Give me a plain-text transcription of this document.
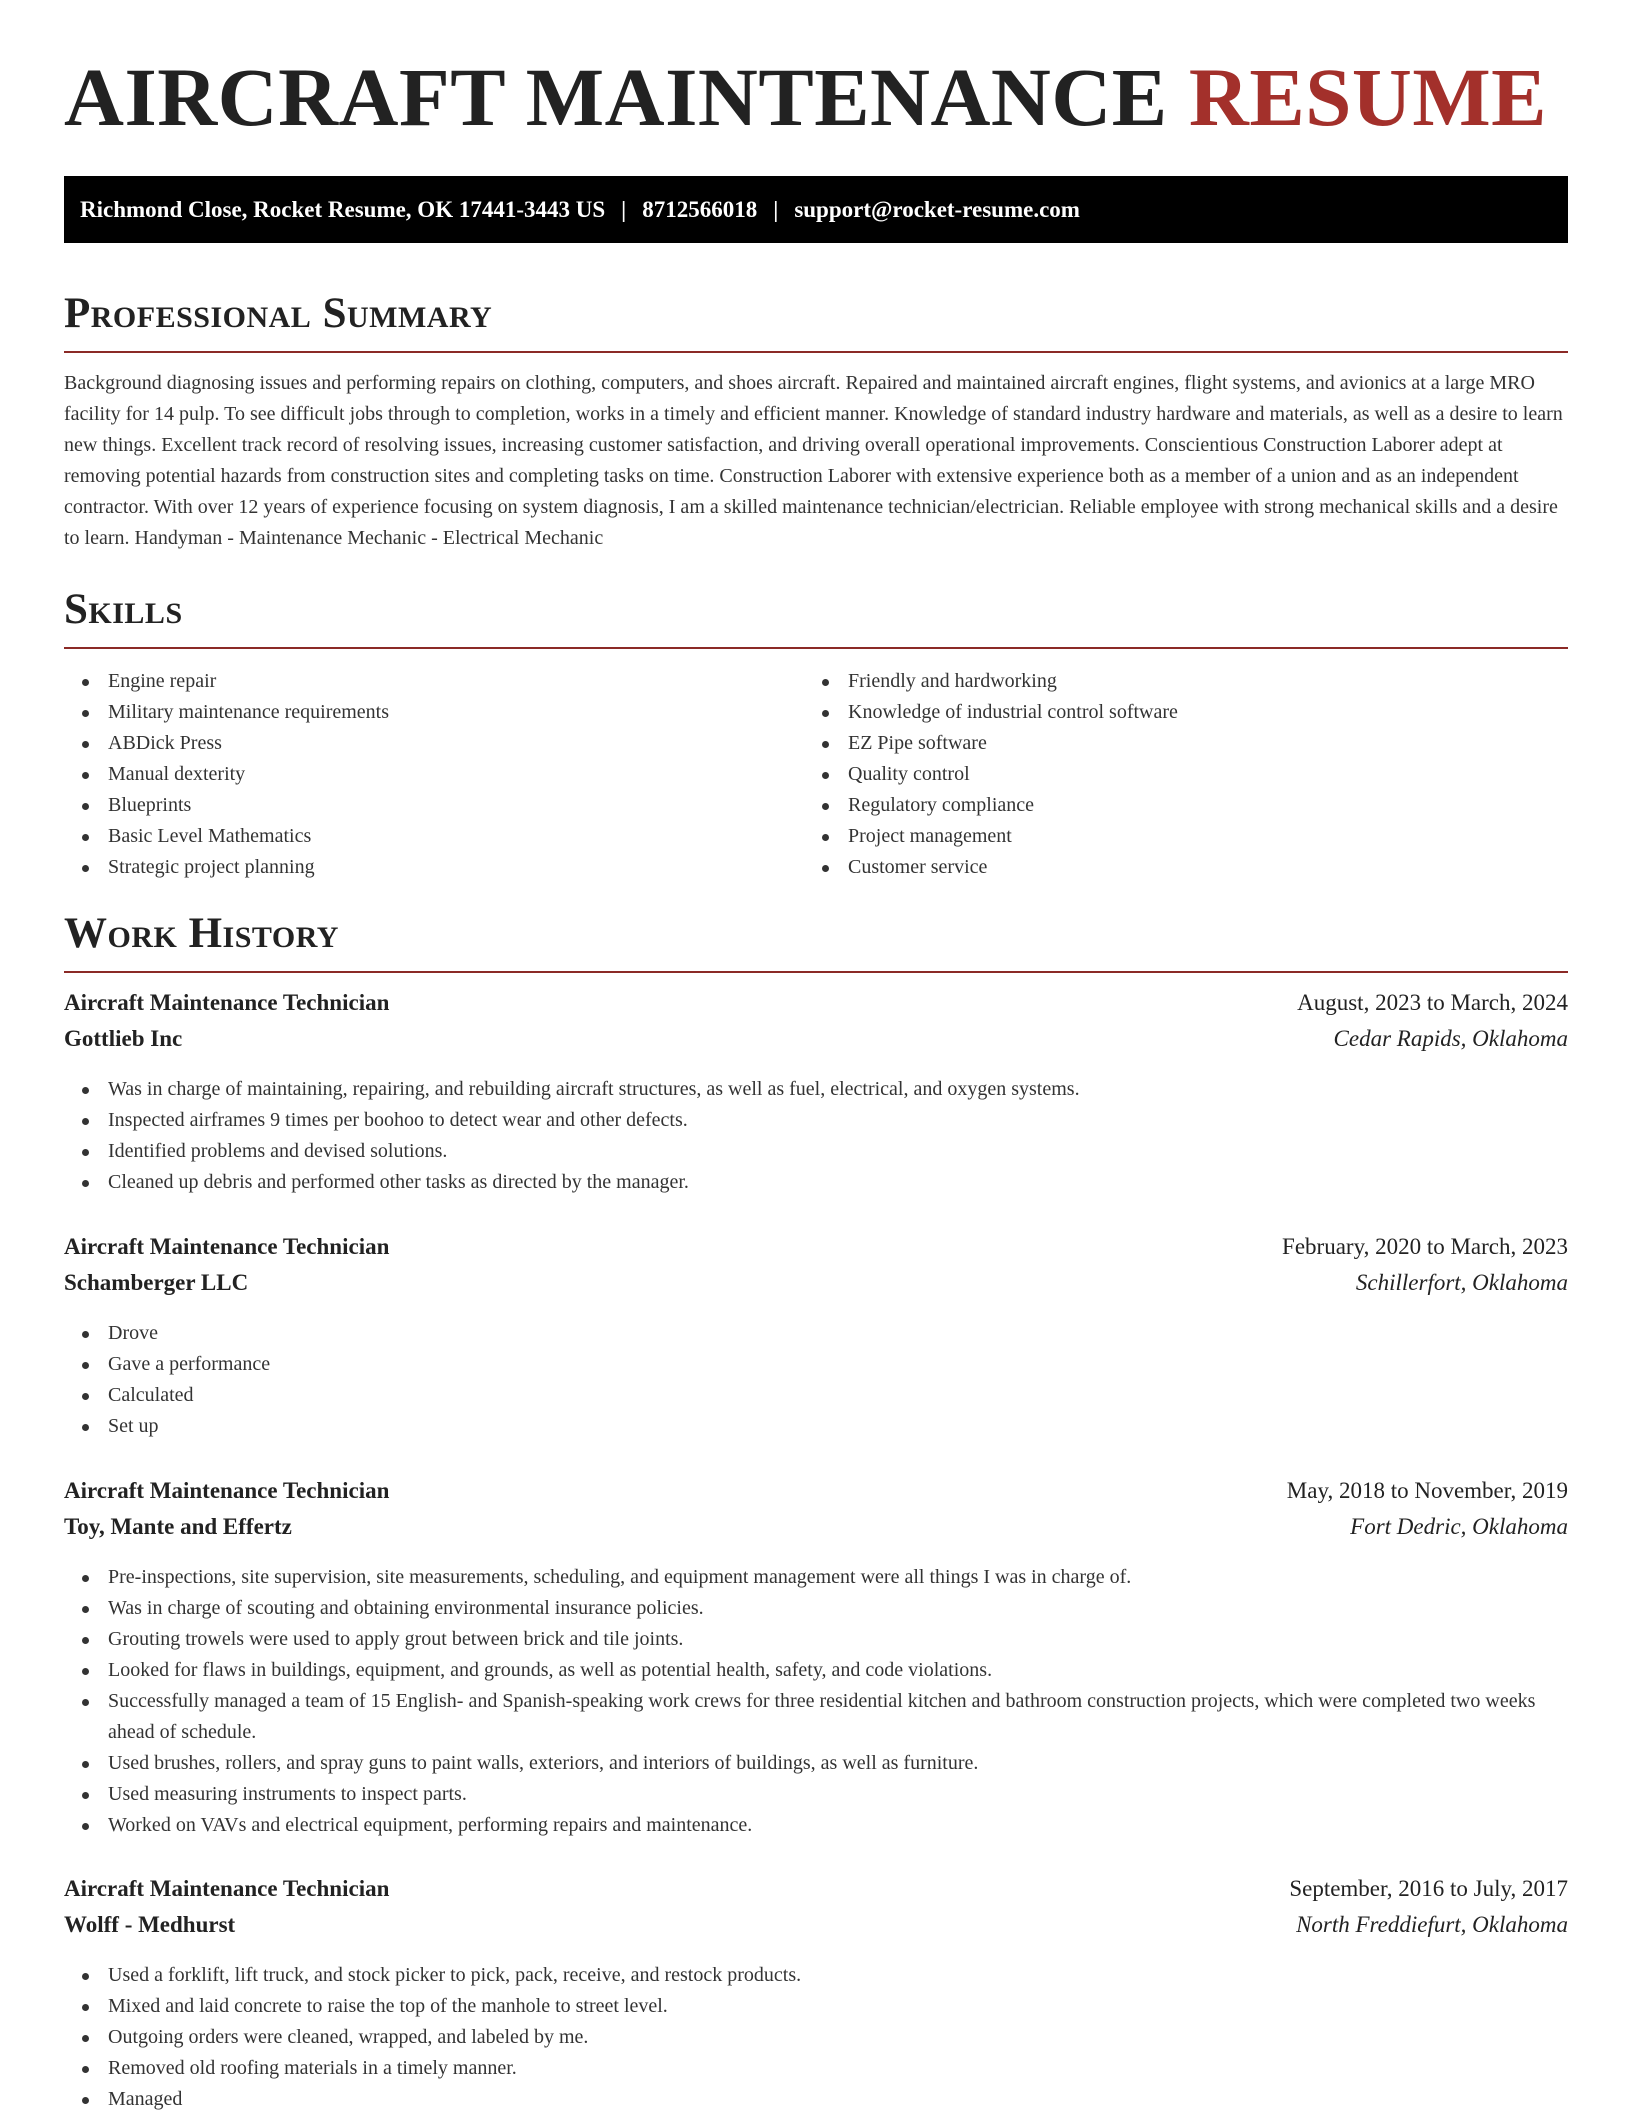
AIRCRAFT MAINTENANCE RESUME
Richmond Close, Rocket Resume, OK 17441-3443 US | 8712566018 | support@rocket-resume.com
Professional Summary

Background diagnosing issues and performing repairs on clothing, computers, and shoes aircraft. Repaired and maintained aircraft engines, flight systems, and avionics at a large MRO facility for 14 pulp. To see difficult jobs through to completion, works in a timely and efficient manner. Knowledge of standard industry hardware and materials, as well as a desire to learn new things. Excellent track record of resolving issues, increasing customer satisfaction, and driving overall operational improvements. Conscientious Construction Laborer adept at removing potential hazards from construction sites and completing tasks on time. Construction Laborer with extensive experience both as a member of a union and as an independent contractor. With over 12 years of experience focusing on system diagnosis, I am a skilled maintenance technician/electrician. Reliable employee with strong mechanical skills and a desire to learn. Handyman - Maintenance Mechanic - Electrical Mechanic

Skills
Engine repair
Military maintenance requirements
ABDick Press
Manual dexterity
Blueprints
Basic Level Mathematics
Strategic project planning
Friendly and hardworking
Knowledge of industrial control software
EZ Pipe software
Quality control
Regulatory compliance
Project management
Customer service
Work History
Aircraft Maintenance Technician	August, 2023 to March, 2024
Gottlieb Inc	Cedar Rapids, Oklahoma
Was in charge of maintaining, repairing, and rebuilding aircraft structures, as well as fuel, electrical, and oxygen systems.
Inspected airframes 9 times per boohoo to detect wear and other defects.
Identified problems and devised solutions.
Cleaned up debris and performed other tasks as directed by the manager.
Aircraft Maintenance Technician	February, 2020 to March, 2023
Schamberger LLC	Schillerfort, Oklahoma
Drove
Gave a performance
Calculated
Set up
Aircraft Maintenance Technician	May, 2018 to November, 2019
Toy, Mante and Effertz	Fort Dedric, Oklahoma
Pre-inspections, site supervision, site measurements, scheduling, and equipment management were all things I was in charge of.
Was in charge of scouting and obtaining environmental insurance policies.
Grouting trowels were used to apply grout between brick and tile joints.
Looked for flaws in buildings, equipment, and grounds, as well as potential health, safety, and code violations.
Successfully managed a team of 15 English- and Spanish-speaking work crews for three residential kitchen and bathroom construction projects, which were completed two weeks ahead of schedule.
Used brushes, rollers, and spray guns to paint walls, exteriors, and interiors of buildings, as well as furniture.
Used measuring instruments to inspect parts.
Worked on VAVs and electrical equipment, performing repairs and maintenance.
Aircraft Maintenance Technician	September, 2016 to July, 2017
Wolff - Medhurst	North Freddiefurt, Oklahoma
Used a forklift, lift truck, and stock picker to pick, pack, receive, and restock products.
Mixed and laid concrete to raise the top of the manhole to street level.
Outgoing orders were cleaned, wrapped, and labeled by me.
Removed old roofing materials in a timely manner.
Managed
